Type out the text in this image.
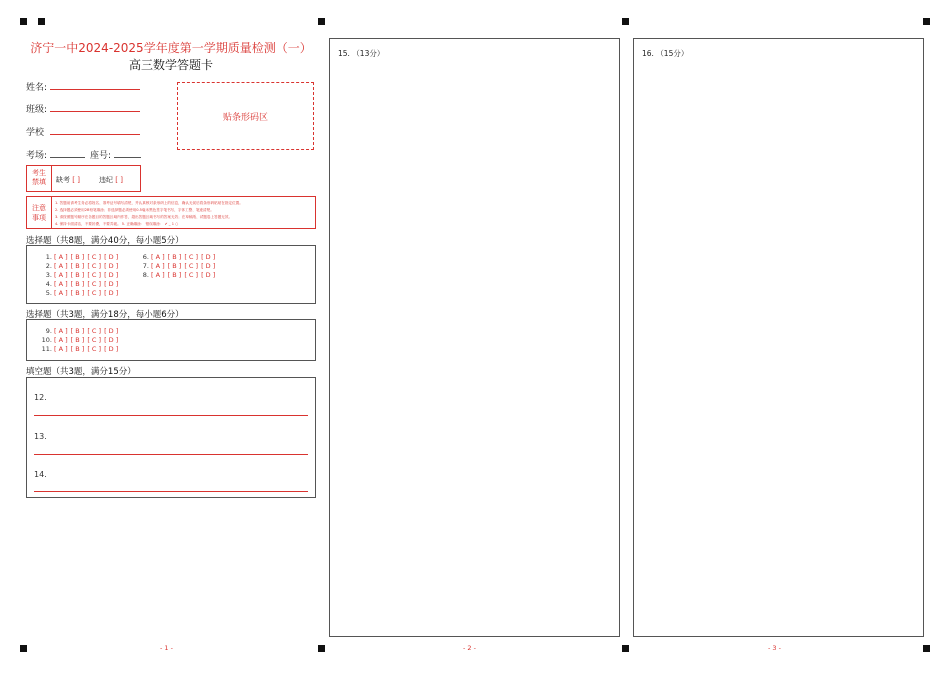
济宁一中2024-2025学年度第一学期质量检测（一）
高三数学答题卡
姓名:
班级:
学校
考场:	座号:
贴条形码区
考生禁填	缺考 [ ]	违纪 [ ]
注意事项
1. 答题前请考生务必将姓名、准考证号填写清楚，并认真核对条形码上的信息，确认无误后将条形码粘贴在指定位置。
2. 选择题必须使用2B铅笔填涂；非选择题必须使用0.5毫米黑色签字笔书写，字体工整、笔迹清楚。
3. 请按照题号顺序在各题目的答题区域内作答，超出答题区域书写的答案无效；在草稿纸、试题卷上答题无效。
4. 保持卡面清洁，不要折叠，不要弄破。 5. 正确填涂： 错误填涂： ✔ _ 1 ○
选择题（共8题，满分40分，每小题5分）
1. [ A ] [ B ] [ C ] [ D ]
2. [ A ] [ B ] [ C ] [ D ]
3. [ A ] [ B ] [ C ] [ D ]
4. [ A ] [ B ] [ C ] [ D ]
5. [ A ] [ B ] [ C ] [ D ]
6. [ A ] [ B ] [ C ] [ D ]
7. [ A ] [ B ] [ C ] [ D ]
8. [ A ] [ B ] [ C ] [ D ]
选择题（共3题，满分18分，每小题6分）
9. [ A ] [ B ] [ C ] [ D ]
10. [ A ] [ B ] [ C ] [ D ]
11. [ A ] [ B ] [ C ] [ D ]
填空题（共3题，满分15分）
12.
13.
14.
15. （13分）	16. （15分）
- 1 -	- 2 -	- 3 -
